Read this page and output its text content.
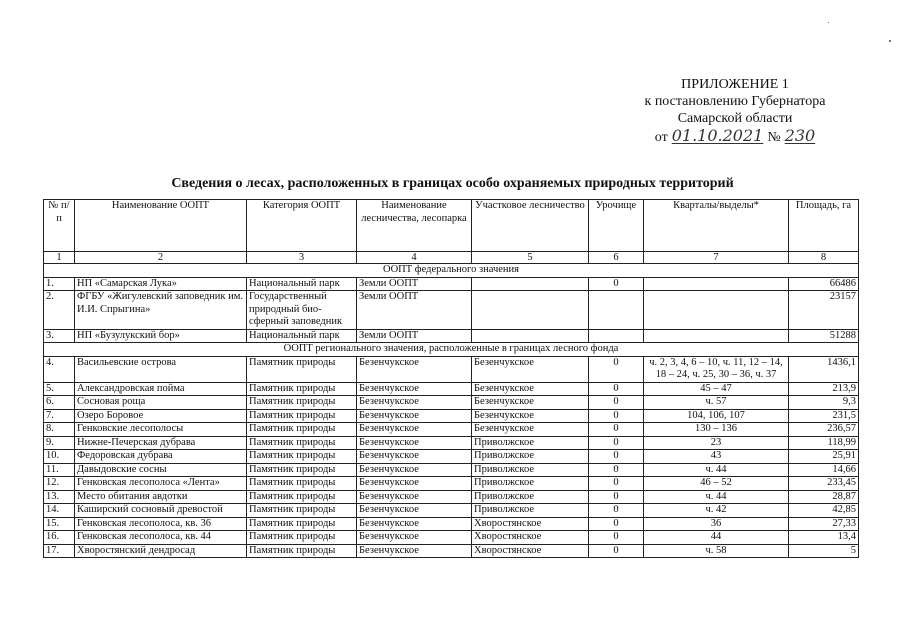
ПРИЛОЖЕНИЕ 1
к постановлению Губернатора
Самарской области
от 01.10.2021 № 230
Сведения о лесах, расположенных в границах особо охраняемых природных территорий
№ п/п	Наименование ООПТ	Категория ООПТ	Наименование лесничества, лесопарка	Участковое лесничество	Урочище	Кварталы/выделы*	Площадь, га
1	2	3	4	5	6	7	8
ООПТ федерального значения							
1.	НП «Самарская Лука»	Национальный парк	Земли ООПТ		0		66486
2.	ФГБУ «Жигулевский заповедник им. И.И. Спрыгина»	Государственный природный био-сферный заповедник	Земли ООПТ				23157
3.	НП «Бузулукский бор»	Национальный парк	Земли ООПТ				51288
ООПТ регионального значения, расположенные в границах лесного фонда							
4.	Васильевские острова	Памятник природы	Безенчукское	Безенчукское	0	ч. 2, 3, 4, 6 – 10, ч. 11, 12 – 14, 18 – 24, ч. 25, 30 – 36, ч. 37	1436,1
5.	Александровская пойма	Памятник природы	Безенчукское	Безенчукское	0	45 – 47	213,9
6.	Сосновая роща	Памятник природы	Безенчукское	Безенчукское	0	ч. 57	9,3
7.	Озеро Боровое	Памятник природы	Безенчукское	Безенчукское	0	104, 106, 107	231,5
8.	Генковские лесополосы	Памятник природы	Безенчукское	Безенчукское	0	130 – 136	236,57
9.	Нижне-Печерская дубрава	Памятник природы	Безенчукское	Приволжское	0	23	118,99
10.	Федоровская дубрава	Памятник природы	Безенчукское	Приволжское	0	43	25,91
11.	Давыдовские сосны	Памятник природы	Безенчукское	Приволжское	0	ч. 44	14,66
12.	Генковская лесополоса «Лента»	Памятник природы	Безенчукское	Приволжское	0	46 – 52	233,45
13.	Место обитания авдотки	Памятник природы	Безенчукское	Приволжское	0	ч. 44	28,87
14.	Каширский сосновый древостой	Памятник природы	Безенчукское	Приволжское	0	ч. 42	42,85
15.	Генковская лесополоса, кв. 36	Памятник природы	Безенчукское	Хворостянское	0	36	27,33
16.	Генковская лесополоса, кв. 44	Памятник природы	Безенчукское	Хворостянское	0	44	13,4
17.	Хворостянский дендросад	Памятник природы	Безенчукское	Хворостянское	0	ч. 58	5
